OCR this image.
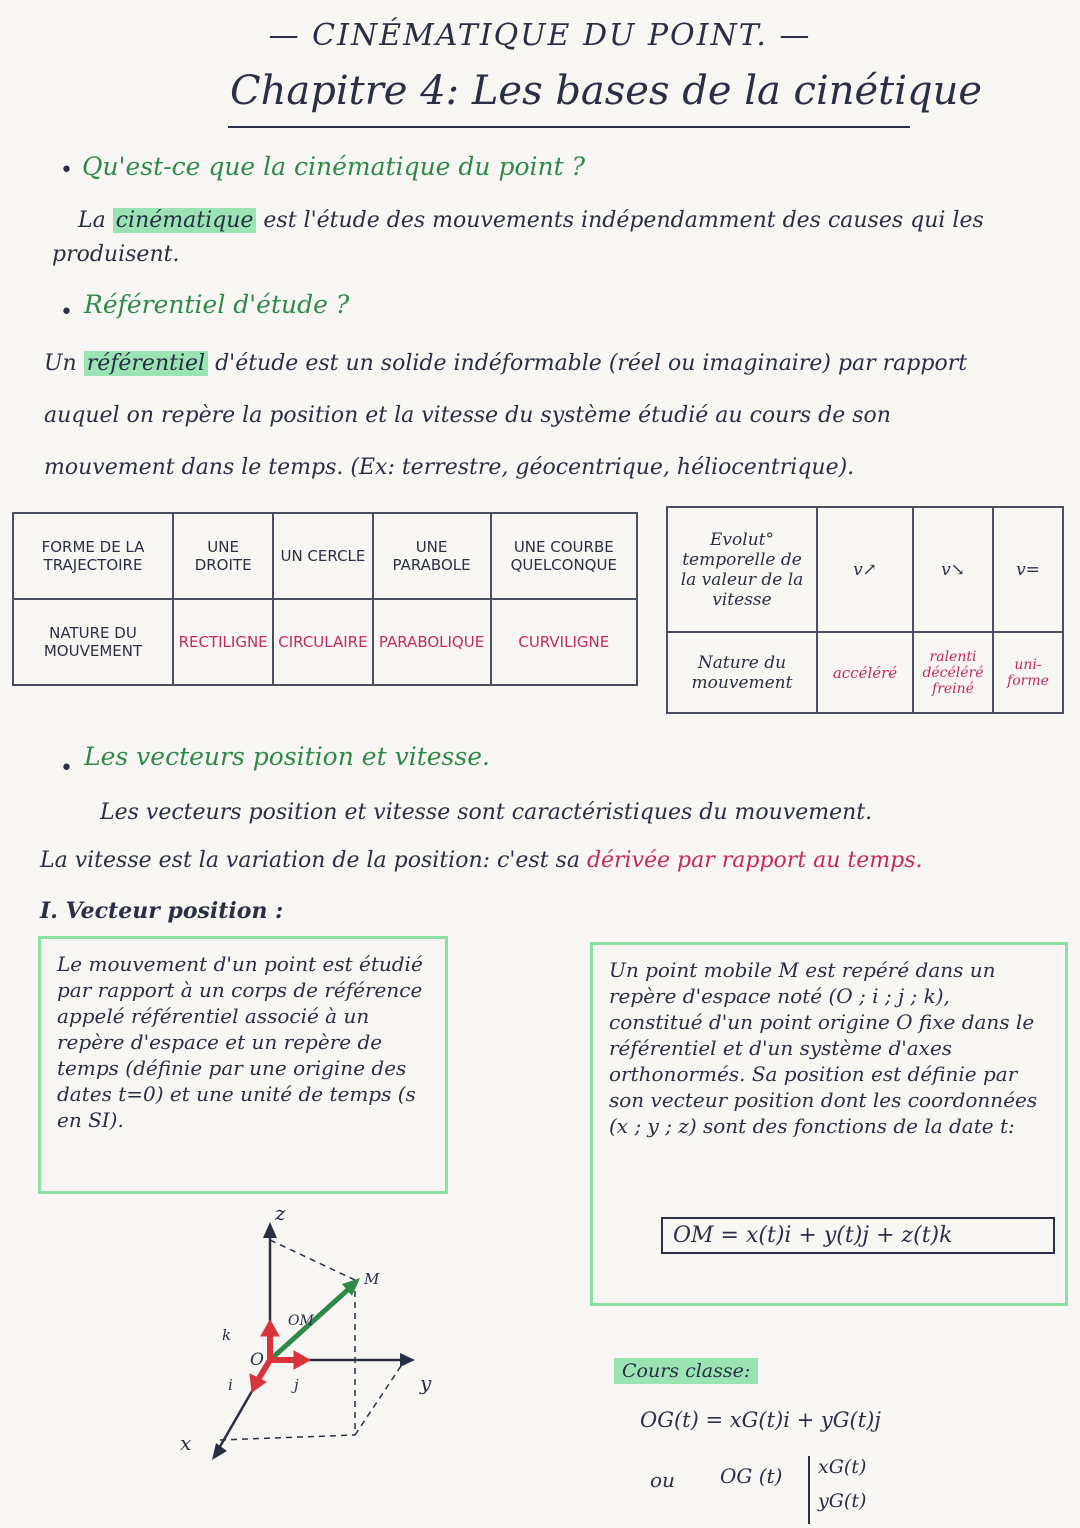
— CINÉMATIQUE DU POINT. —
Chapitre 4: Les bases de la cinétique
• Qu'est-ce que la cinématique du point ?
La cinématique est l'étude des mouvements indépendamment des causes qui les produisent.
• Référentiel d'étude ?
Un référentiel d'étude est un solide indéformable (réel ou imaginaire) par rapport auquel on repère la position et la vitesse du système étudié au cours de son mouvement dans le temps. (Ex: terrestre, géocentrique, héliocentrique).
FORME DE LA TRAJECTOIRE	UNE DROITE	UN CERCLE	UNE PARABOLE	UNE COURBE QUELCONQUE
NATURE DU MOUVEMENT	RECTILIGNE	CIRCULAIRE	PARABOLIQUE	CURVILIGNE
Evolut° temporelle de la valeur de la vitesse	v↗	v↘	v=
Nature du mouvement	accéléré	ralenti décéléré freiné	uni-forme
• Les vecteurs position et vitesse.
Les vecteurs position et vitesse sont caractéristiques du mouvement.
La vitesse est la variation de la position: c'est sa dérivée par rapport au temps.
I. Vecteur position :
Le mouvement d'un point est étudié par rapport à un corps de référence appelé référentiel associé à un repère d'espace et un repère de temps (définie par une origine des dates t=0) et une unité de temps (s en SI).
Un point mobile M est repéré dans un repère d'espace noté (O ; i ; j ; k), constitué d'un point origine O fixe dans le référentiel et d'un système d'axes orthonormés. Sa position est définie par son vecteur position dont les coordonnées (x ; y ; z) sont des fonctions de la date t:
OM = x(t)i + y(t)j + z(t)k
z
y
x
O
M
OM
k
i	j
Cours classe:
OG(t) = xG(t)i + yG(t)j
ou OG (t) xG(t)
yG(t)
